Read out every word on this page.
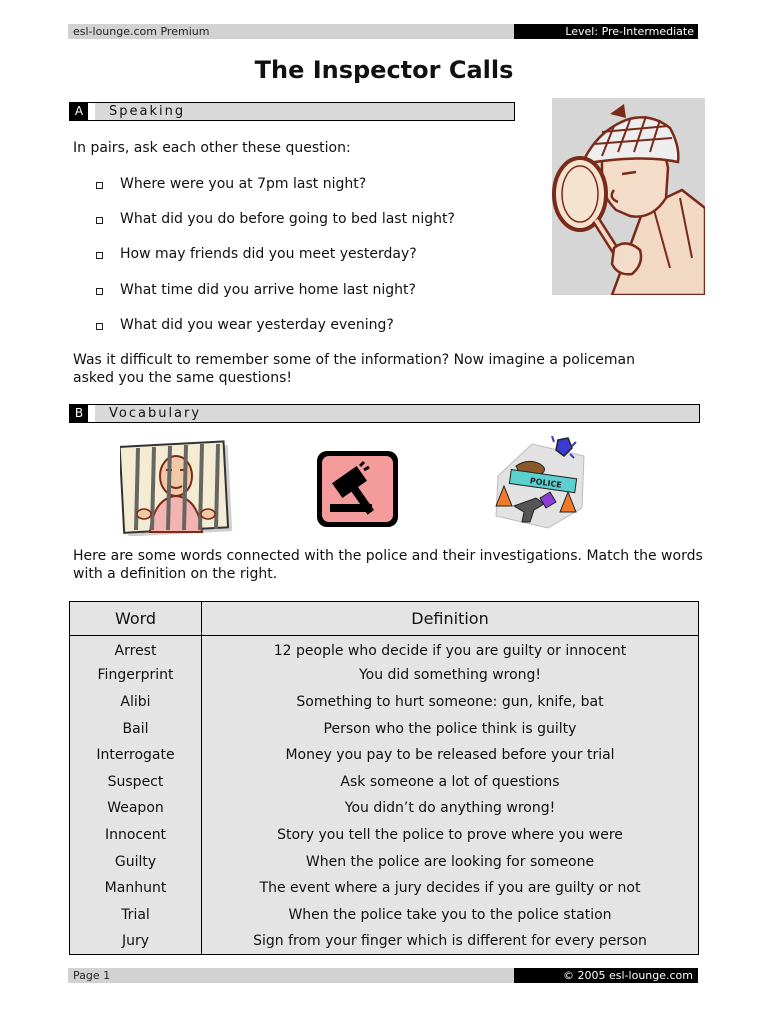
esl-lounge.com Premium	Level: Pre-Intermediate
The Inspector Calls
A	Speaking
In pairs, ask each other these question:
Where were you at 7pm last night?
What did you do before going to bed last night?
How may friends did you meet yesterday?
What time did you arrive home last night?
What did you wear yesterday evening?
Was it difficult to remember some of the information? Now imagine a policeman asked you the same questions!
B	Vocabulary
POLICE
Here are some words connected with the police and their investigations. Match the words with a definition on the right.
Word	Definition
Arrest	12 people who decide if you are guilty or innocent
Fingerprint	You did something wrong!
Alibi	Something to hurt someone: gun, knife, bat
Bail	Person who the police think is guilty
Interrogate	Money you pay to be released before your trial
Suspect	Ask someone a lot of questions
Weapon	You didn’t do anything wrong!
Innocent	Story you tell the police to prove where you were
Guilty	When the police are looking for someone
Manhunt	The event where a jury decides if you are guilty or not
Trial	When the police take you to the police station
Jury	Sign from your finger which is different for every person
Page 1	© 2005 esl-lounge.com
